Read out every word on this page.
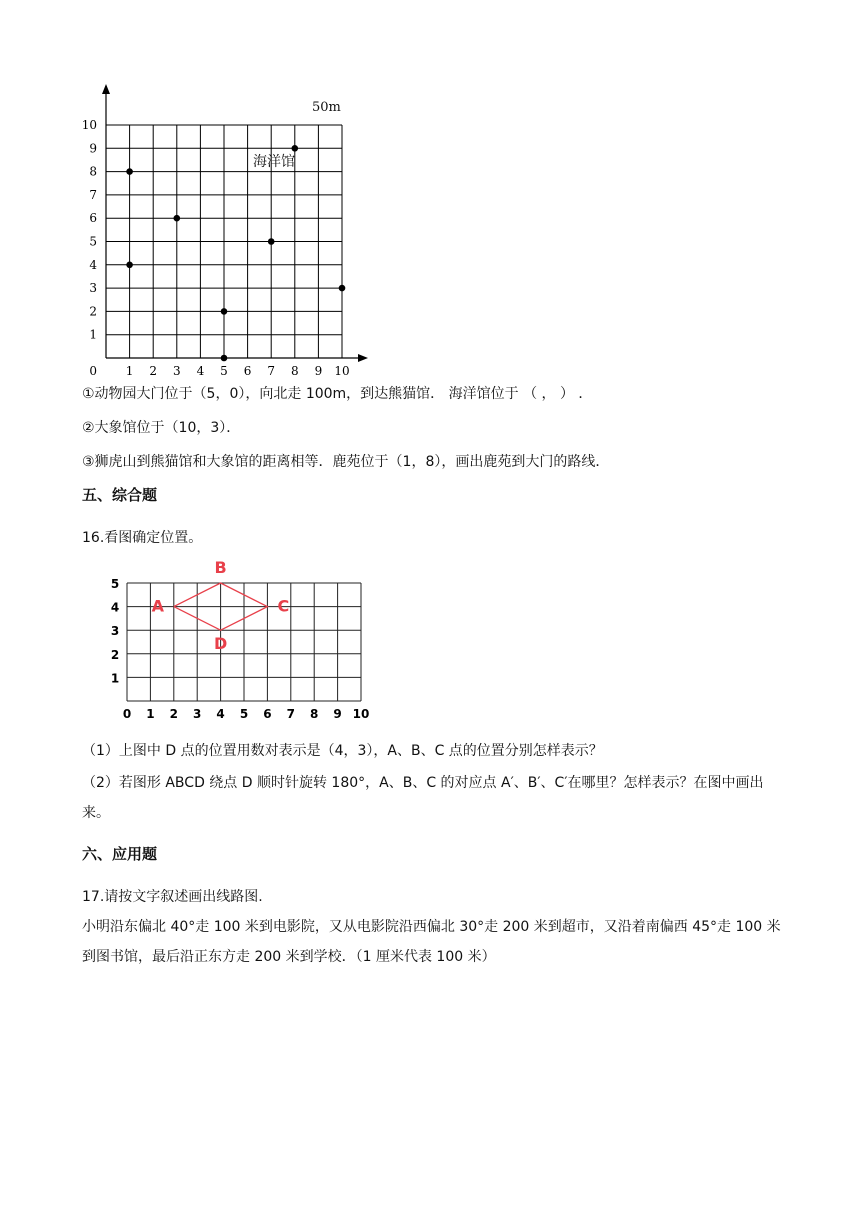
1 2 3 4 5 6 7 8 9 10
1
2
3
4
5
6
7
8
9
10
0
50m
海洋馆
①动物园大门位于（5，0），向北走 100m，到达熊猫馆． 海洋馆位于 （ ， ） ．
②大象馆位于（10，3）．
③狮虎山到熊猫馆和大象馆的距离相等．鹿苑位于（1，8），画出鹿苑到大门的路线．
五、综合题
16.看图确定位置。
0 1 2 3 4 5 6 7 8 9 10
1
2
3
4
5
A
B
C
D
（1）上图中 D 点的位置用数对表示是（4，3），A、B、C 点的位置分别怎样表示？
（2）若图形 ABCD 绕点 D 顺时针旋转 180°，A、B、C 的对应点 A′、B′、C′在哪里？怎样表示？在图中画出来。
六、应用题
17.请按文字叙述画出线路图.
小明沿东偏北 40°走 100 米到电影院，又从电影院沿西偏北 30°走 200 米到超市，又沿着南偏西 45°走 100 米到图书馆，最后沿正东方走 200 米到学校．（1 厘米代表 100 米）
